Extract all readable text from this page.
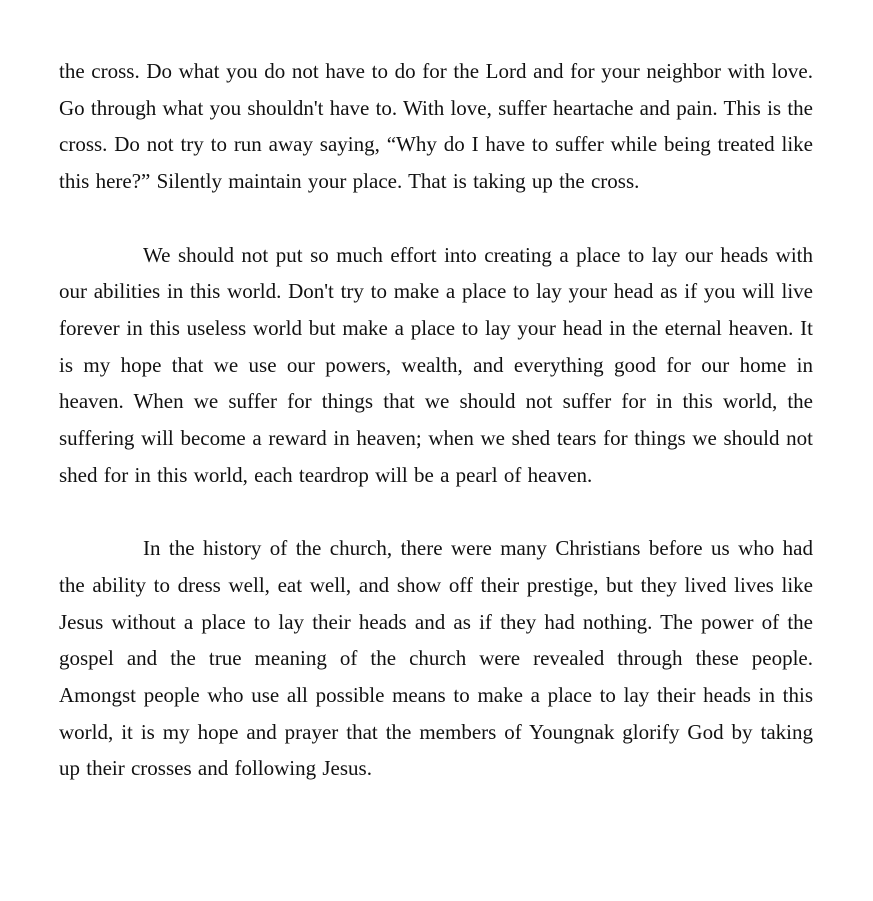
the cross. Do what you do not have to do for the Lord and for your neighbor with love. Go through what you shouldn't have to. With love, suffer heartache and pain. This is the cross. Do not try to run away saying, “Why do I have to suffer while being treated like this here?” Silently maintain your place. That is taking up the cross.

We should not put so much effort into creating a place to lay our heads with our abilities in this world. Don't try to make a place to lay your head as if you will live forever in this useless world but make a place to lay your head in the eternal heaven. It is my hope that we use our powers, wealth, and everything good for our home in heaven. When we suffer for things that we should not suffer for in this world, the suffering will become a reward in heaven; when we shed tears for things we should not shed for in this world, each teardrop will be a pearl of heaven.

In the history of the church, there were many Christians before us who had the ability to dress well, eat well, and show off their prestige, but they lived lives like Jesus without a place to lay their heads and as if they had nothing. The power of the gospel and the true meaning of the church were revealed through these people. Amongst people who use all possible means to make a place to lay their heads in this world, it is my hope and prayer that the members of Youngnak glorify God by taking up their crosses and following Jesus.
